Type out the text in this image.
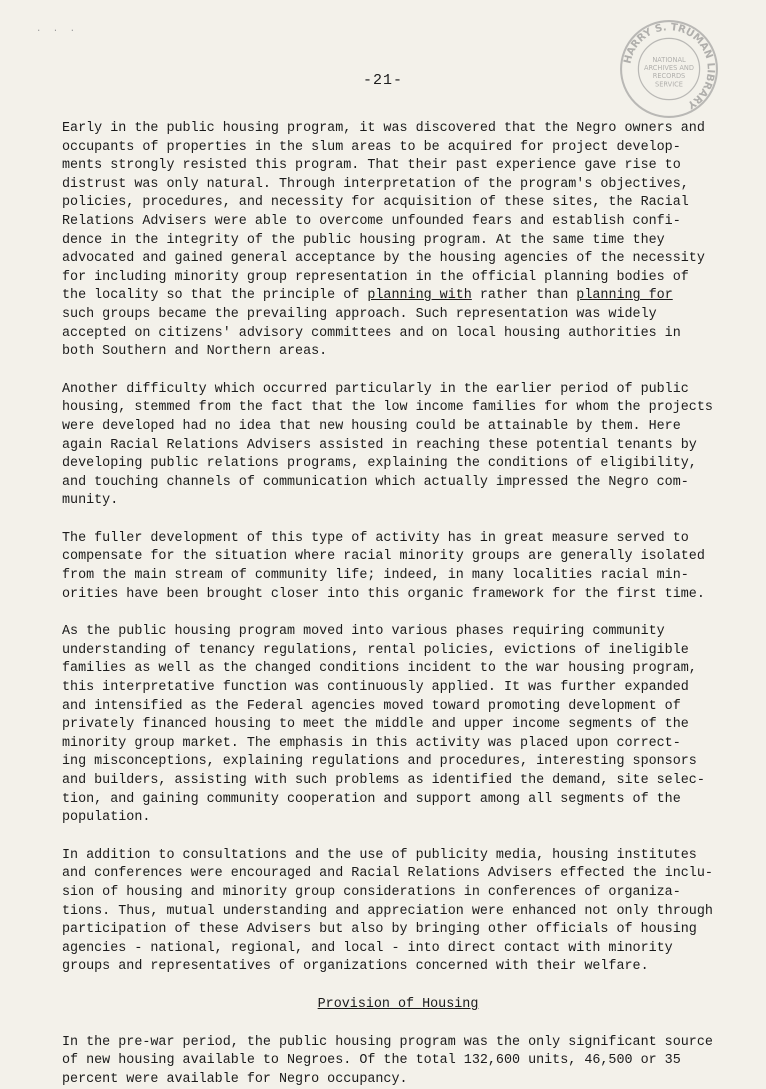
· · ·
-21-
HARRY S. TRUMAN LIBRARY
NATIONAL
ARCHIVES AND
RECORDS
SERVICE
Early in the public housing program, it was discovered that the Negro owners and
occupants of properties in the slum areas to be acquired for project develop-
ments strongly resisted this program. That their past experience gave rise to
distrust was only natural. Through interpretation of the program's objectives,
policies, procedures, and necessity for acquisition of these sites, the Racial
Relations Advisers were able to overcome unfounded fears and establish confi-
dence in the integrity of the public housing program. At the same time they
advocated and gained general acceptance by the housing agencies of the necessity
for including minority group representation in the official planning bodies of
the locality so that the principle of planning with rather than planning for
such groups became the prevailing approach. Such representation was widely
accepted on citizens' advisory committees and on local housing authorities in
both Southern and Northern areas.
Another difficulty which occurred particularly in the earlier period of public
housing, stemmed from the fact that the low income families for whom the projects
were developed had no idea that new housing could be attainable by them. Here
again Racial Relations Advisers assisted in reaching these potential tenants by
developing public relations programs, explaining the conditions of eligibility,
and touching channels of communication which actually impressed the Negro com-
munity.
The fuller development of this type of activity has in great measure served to
compensate for the situation where racial minority groups are generally isolated
from the main stream of community life; indeed, in many localities racial min-
orities have been brought closer into this organic framework for the first time.
As the public housing program moved into various phases requiring community
understanding of tenancy regulations, rental policies, evictions of ineligible
families as well as the changed conditions incident to the war housing program,
this interpretative function was continuously applied. It was further expanded
and intensified as the Federal agencies moved toward promoting development of
privately financed housing to meet the middle and upper income segments of the
minority group market. The emphasis in this activity was placed upon correct-
ing misconceptions, explaining regulations and procedures, interesting sponsors
and builders, assisting with such problems as identified the demand, site selec-
tion, and gaining community cooperation and support among all segments of the
population.
In addition to consultations and the use of publicity media, housing institutes
and conferences were encouraged and Racial Relations Advisers effected the inclu-
sion of housing and minority group considerations in conferences of organiza-
tions. Thus, mutual understanding and appreciation were enhanced not only through
participation of these Advisers but also by bringing other officials of housing
agencies - national, regional, and local - into direct contact with minority
groups and representatives of organizations concerned with their welfare.
Provision of Housing
In the pre-war period, the public housing program was the only significant source
of new housing available to Negroes. Of the total 132,600 units, 46,500 or 35
percent were available for Negro occupancy.
